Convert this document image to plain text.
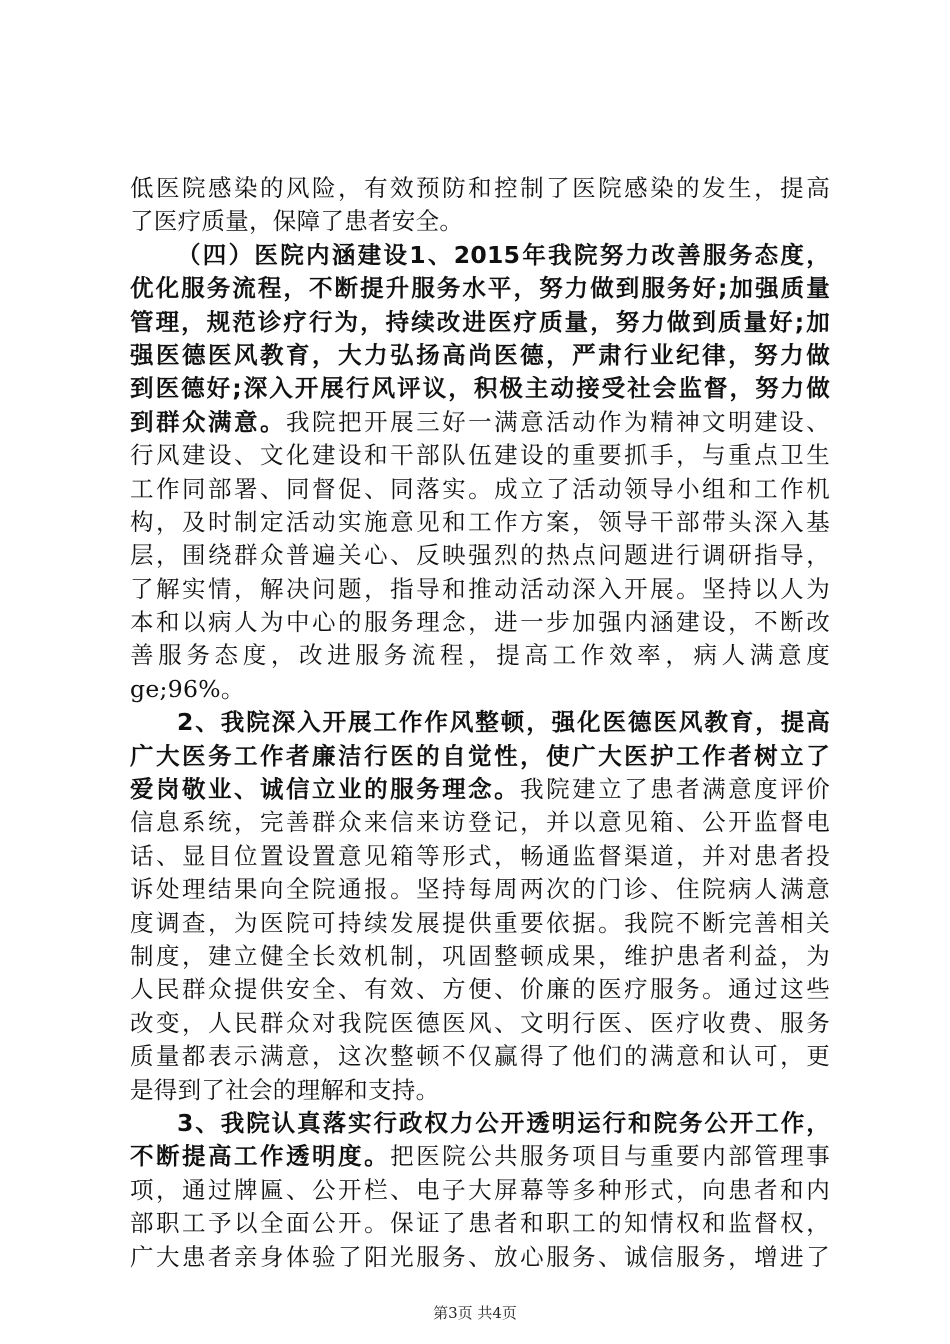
低医院感染的风险，有效预防和控制了医院感染的发生，提高
了医疗质量，保障了患者安全。
（四）医院内涵建设1、2015年我院努力改善服务态度，
优化服务流程，不断提升服务水平，努力做到服务好;加强质量
管理，规范诊疗行为，持续改进医疗质量，努力做到质量好;加
强医德医风教育，大力弘扬高尚医德，严肃行业纪律，努力做
到医德好;深入开展行风评议，积极主动接受社会监督，努力做
到群众满意。我院把开展三好一满意活动作为精神文明建设、
行风建设、文化建设和干部队伍建设的重要抓手，与重点卫生
工作同部署、同督促、同落实。成立了活动领导小组和工作机
构，及时制定活动实施意见和工作方案，领导干部带头深入基
层，围绕群众普遍关心、反映强烈的热点问题进行调研指导，
了解实情，解决问题，指导和推动活动深入开展。坚持以人为
本和以病人为中心的服务理念，进一步加强内涵建设，不断改
善服务态度，改进服务流程，提高工作效率，病人满意度
ge;96%。
2、我院深入开展工作作风整顿，强化医德医风教育，提高
广大医务工作者廉洁行医的自觉性，使广大医护工作者树立了
爱岗敬业、诚信立业的服务理念。我院建立了患者满意度评价
信息系统，完善群众来信来访登记，并以意见箱、公开监督电
话、显目位置设置意见箱等形式，畅通监督渠道，并对患者投
诉处理结果向全院通报。坚持每周两次的门诊、住院病人满意
度调查，为医院可持续发展提供重要依据。我院不断完善相关
制度，建立健全长效机制，巩固整顿成果，维护患者利益，为
人民群众提供安全、有效、方便、价廉的医疗服务。通过这些
改变，人民群众对我院医德医风、文明行医、医疗收费、服务
质量都表示满意，这次整顿不仅赢得了他们的满意和认可，更
是得到了社会的理解和支持。
3、我院认真落实行政权力公开透明运行和院务公开工作，
不断提高工作透明度。把医院公共服务项目与重要内部管理事
项，通过牌匾、公开栏、电子大屏幕等多种形式，向患者和内
部职工予以全面公开。保证了患者和职工的知情权和监督权，
广大患者亲身体验了阳光服务、放心服务、诚信服务，增进了
第3页 共4页
